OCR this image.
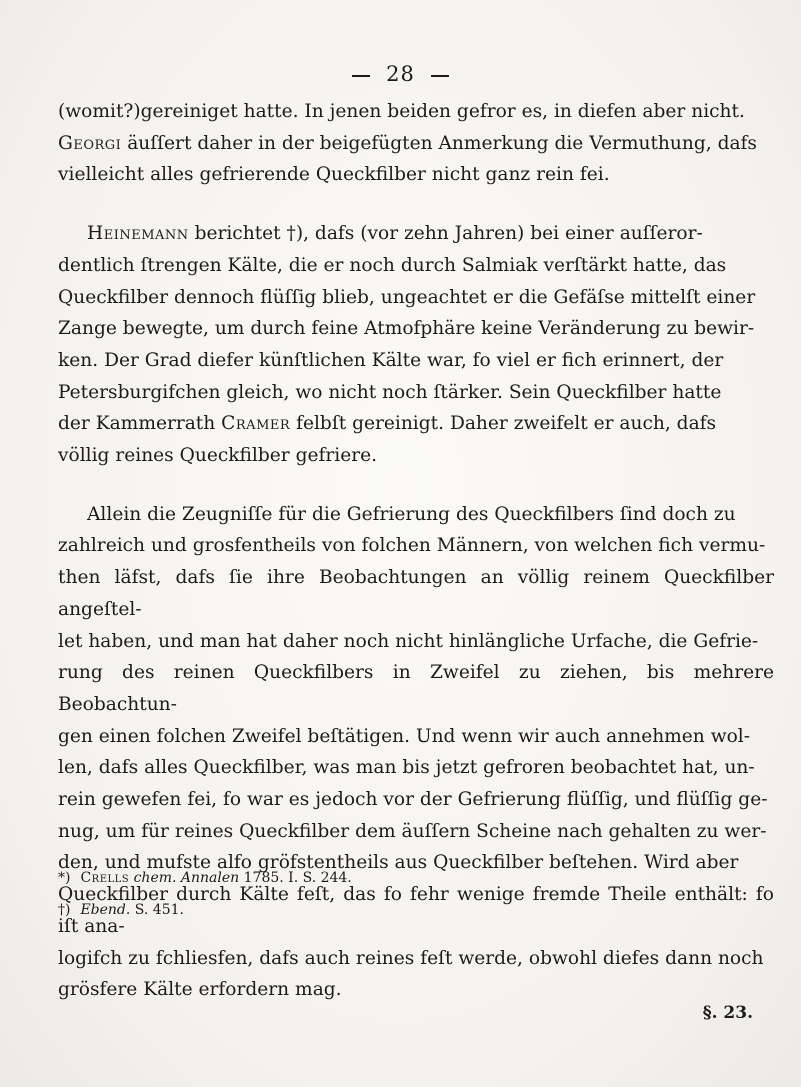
28

(womit?)gereiniget hatte. In jenen beiden gefror es, in diefen aber nicht.
Georgi äuſſert daher in der beigefügten Anmerkung die Vermuthung, dafs
vielleicht alles gefrierende Queckfilber nicht ganz rein fei.

Heinemann berichtet †), dafs (vor zehn Jahren) bei einer auſſeror-
dentlich ſtrengen Kälte, die er noch durch Salmiak verſtärkt hatte, das
Queckfilber dennoch flüſſig blieb, ungeachtet er die Gefäſse mittelſt einer
Zange bewegte, um durch feine Atmofphäre keine Veränderung zu bewir-
ken. Der Grad diefer künſtlichen Kälte war, fo viel er fich erinnert, der
Petersburgifchen gleich, wo nicht noch ſtärker. Sein Queckfilber hatte
der Kammerrath Cramer felbſt gereinigt. Daher zweifelt er auch, dafs
völlig reines Queckfilber gefriere.

Allein die Zeugniſſe für die Gefrierung des Queckfilbers ſind doch zu
zahlreich und grosfentheils von folchen Männern, von welchen fich vermu-
then läfst, dafs ſie ihre Beobachtungen an völlig reinem Queckfilber angeſtel-
let haben, und man hat daher noch nicht hinlängliche Urfache, die Gefrie-
rung des reinen Queckfilbers in Zweifel zu ziehen, bis mehrere Beobachtun-
gen einen folchen Zweifel beſtätigen. Und wenn wir auch annehmen wol-
len, dafs alles Queckfilber, was man bis jetzt gefroren beobachtet hat, un-
rein gewefen fei, fo war es jedoch vor der Gefrierung flüſſig, und flüſſig ge-
nug, um für reines Queckfilber dem äuſſern Scheine nach gehalten zu wer-
den, und mufste alfo gröfstentheils aus Queckfilber beſtehen. Wird aber
Queckfilber durch Kälte feſt, das fo fehr wenige fremde Theile enthält: fo iſt ana-
logifch zu fchliesfen, dafs auch reines feſt werde, obwohl diefes dann noch
grösfere Kälte erfordern mag.

*) Crells chem. Annalen 1785. I. S. 244.
†) Ebend. S. 451.
§. 23.
